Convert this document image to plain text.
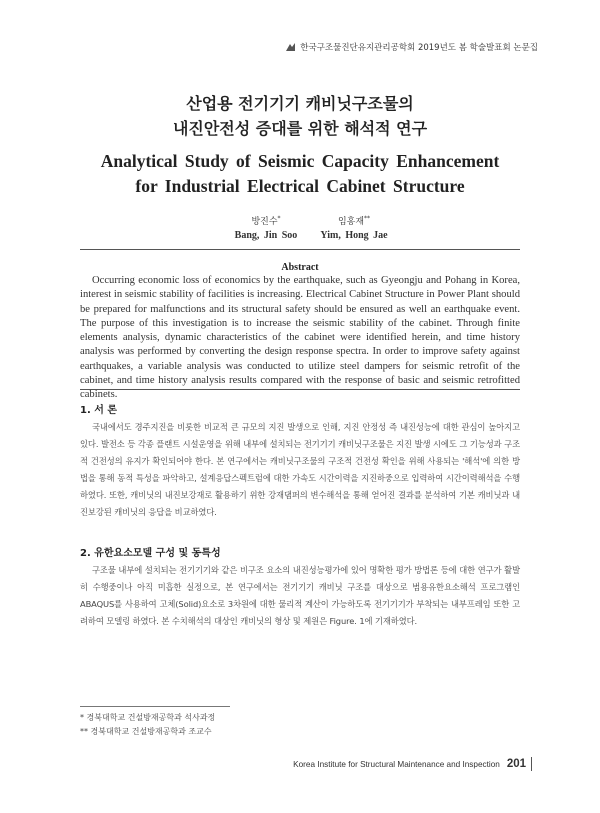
한국구조물진단유지관리공학회 2019년도 봄 학술발표회 논문집
산업용 전기기기 캐비닛구조물의
내진안전성 증대를 위한 해석적 연구
Analytical Study of Seismic Capacity Enhancement
for Industrial Electrical Cabinet Structure
방진수*
Bang, Jin Soo
임홍재**
Yim, Hong Jae
Abstract

Occurring economic loss of economics by the earthquake, such as Gyeongju and Pohang in Korea, interest in seismic stability of facilities is increasing. Electrical Cabinet Structure in Power Plant should be prepared for malfunctions and its structural safety should be ensured as well an earthquake event. The purpose of this investigation is to increase the seismic stability of the cabinet. Through finite elements analysis, dynamic characteristics of the cabinet were identified herein, and time history analysis was performed by converting the design response spectra. In order to improve safety against earthquakes, a variable analysis was conducted to utilize steel dampers for seismic retrofit of the cabinet, and time history analysis results compared with the response of basic and seismic retrofitted cabinets.

1. 서 론

국내에서도 경주지진을 비롯한 비교적 큰 규모의 지진 발생으로 인해, 지진 안정성 즉 내진성능에 대한 관심이 높아지고 있다. 발전소 등 각종 플랜트 시설운영을 위해 내부에 설치되는 전기기기 캐비닛구조물은 지진 발생 시에도 그 기능성과 구조적 건전성의 유지가 확인되어야 한다. 본 연구에서는 캐비닛구조물의 구조적 건전성 확인을 위해 사용되는 '해석'에 의한 방법을 통해 동적 특성을 파악하고, 설계응답스펙트럼에 대한 가속도 시간이력을 지진하중으로 입력하여 시간이력해석을 수행하였다. 또한, 캐비닛의 내진보강재로 활용하기 위한 강재댐퍼의 변수해석을 통해 얻어진 결과를 분석하여 기본 캐비닛과 내진보강된 캐비닛의 응답을 비교하였다.

2. 유한요소모델 구성 및 동특성

구조물 내부에 설치되는 전기기기와 같은 비구조 요소의 내진성능평가에 있어 명확한 평가 방법론 등에 대한 연구가 활발히 수행중이나 아직 미흡한 실정으로, 본 연구에서는 전기기기 캐비닛 구조를 대상으로 범용유한요소해석 프로그램인 ABAQUS를 사용하여 고체(Solid)요소로 3차원에 대한 물리적 계산이 가능하도록 전기기기가 부착되는 내부프레임 또한 고려하여 모델링 하였다. 본 수치해석의 대상인 캐비닛의 형상 및 제원은 Figure. 1에 기재하였다.

* 경북대학교 건설방재공학과 석사과정
** 경북대학교 건설방재공학과 조교수
Korea Institute for Structural Maintenance and Inspection 201
